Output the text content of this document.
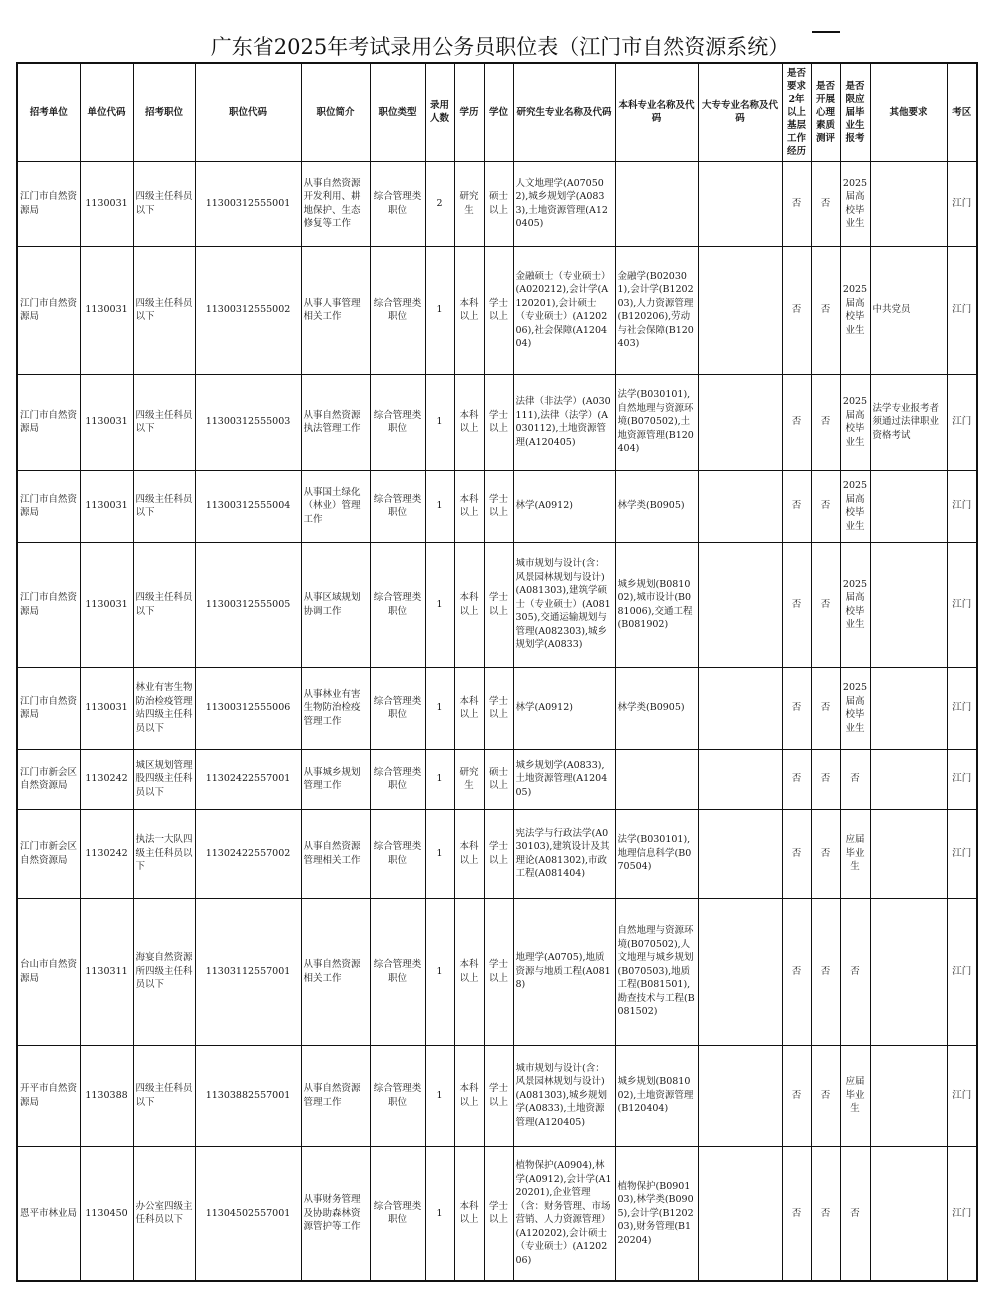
广东省2025年考试录用公务员职位表（江门市自然资源系统）
招考单位	单位代码	招考职位	职位代码	职位简介	职位类型	录用人数	学历	学位	研究生专业名称及代码	本科专业名称及代码	大专专业名称及代码	是否要求2年以上基层工作经历	是否开展心理素质测评	是否限应届毕业生报考	其他要求	考区
江门市自然资源局	1130031	四级主任科员以下	11300312555001	从事自然资源开发利用、耕地保护、生态修复等工作	综合管理类职位	2	研究生	硕士以上	人文地理学(A070502),城乡规划学(A0833),土地资源管理(A120405)			否	否	2025届高校毕业生		江门
江门市自然资源局	1130031	四级主任科员以下	11300312555002	从事人事管理相关工作	综合管理类职位	1	本科以上	学士以上	金融硕士（专业硕士）(A020212),会计学(A120201),会计硕士（专业硕士）(A120206),社会保障(A120404)	金融学(B020301),会计学(B120203),人力资源管理(B120206),劳动与社会保障(B120403)		否	否	2025届高校毕业生	中共党员	江门
江门市自然资源局	1130031	四级主任科员以下	11300312555003	从事自然资源执法管理工作	综合管理类职位	1	本科以上	学士以上	法律（非法学）(A030111),法律（法学）(A030112),土地资源管理(A120405)	法学(B030101),自然地理与资源环境(B070502),土地资源管理(B120404)		否	否	2025届高校毕业生	法学专业报考者须通过法律职业资格考试	江门
江门市自然资源局	1130031	四级主任科员以下	11300312555004	从事国土绿化（林业）管理工作	综合管理类职位	1	本科以上	学士以上	林学(A0912)	林学类(B0905)		否	否	2025届高校毕业生		江门
江门市自然资源局	1130031	四级主任科员以下	11300312555005	从事区域规划协调工作	综合管理类职位	1	本科以上	学士以上	城市规划与设计(含：风景园林规划与设计)(A081303),建筑学硕士（专业硕士）(A081305),交通运输规划与管理(A082303),城乡规划学(A0833)	城乡规划(B081002),城市设计(B081006),交通工程(B081902)		否	否	2025届高校毕业生		江门
江门市自然资源局	1130031	林业有害生物防治检疫管理站四级主任科员以下	11300312555006	从事林业有害生物防治检疫管理工作	综合管理类职位	1	本科以上	学士以上	林学(A0912)	林学类(B0905)		否	否	2025届高校毕业生		江门
江门市新会区自然资源局	1130242	城区规划管理股四级主任科员以下	11302422557001	从事城乡规划管理工作	综合管理类职位	1	研究生	硕士以上	城乡规划学(A0833),土地资源管理(A120405)			否	否	否		江门
江门市新会区自然资源局	1130242	执法一大队四级主任科员以下	11302422557002	从事自然资源管理相关工作	综合管理类职位	1	本科以上	学士以上	宪法学与行政法学(A030103),建筑设计及其理论(A081302),市政工程(A081404)	法学(B030101),地理信息科学(B070504)		否	否	应届毕业生		江门
台山市自然资源局	1130311	海宴自然资源所四级主任科员以下	11303112557001	从事自然资源相关工作	综合管理类职位	1	本科以上	学士以上	地理学(A0705),地质资源与地质工程(A0818)	自然地理与资源环境(B070502),人文地理与城乡规划(B070503),地质工程(B081501),勘查技术与工程(B081502)		否	否	否		江门
开平市自然资源局	1130388	四级主任科员以下	11303882557001	从事自然资源管理工作	综合管理类职位	1	本科以上	学士以上	城市规划与设计(含：风景园林规划与设计)(A081303),城乡规划学(A0833),土地资源管理(A120405)	城乡规划(B081002),土地资源管理(B120404)		否	否	应届毕业生		江门
恩平市林业局	1130450	办公室四级主任科员以下	11304502557001	从事财务管理及协助森林资源管护等工作	综合管理类职位	1	本科以上	学士以上	植物保护(A0904),林学(A0912),会计学(A120201),企业管理（含：财务管理、市场营销、人力资源管理）(A120202),会计硕士（专业硕士）(A120206)	植物保护(B090103),林学类(B0905),会计学(B120203),财务管理(B120204)		否	否	否		江门
